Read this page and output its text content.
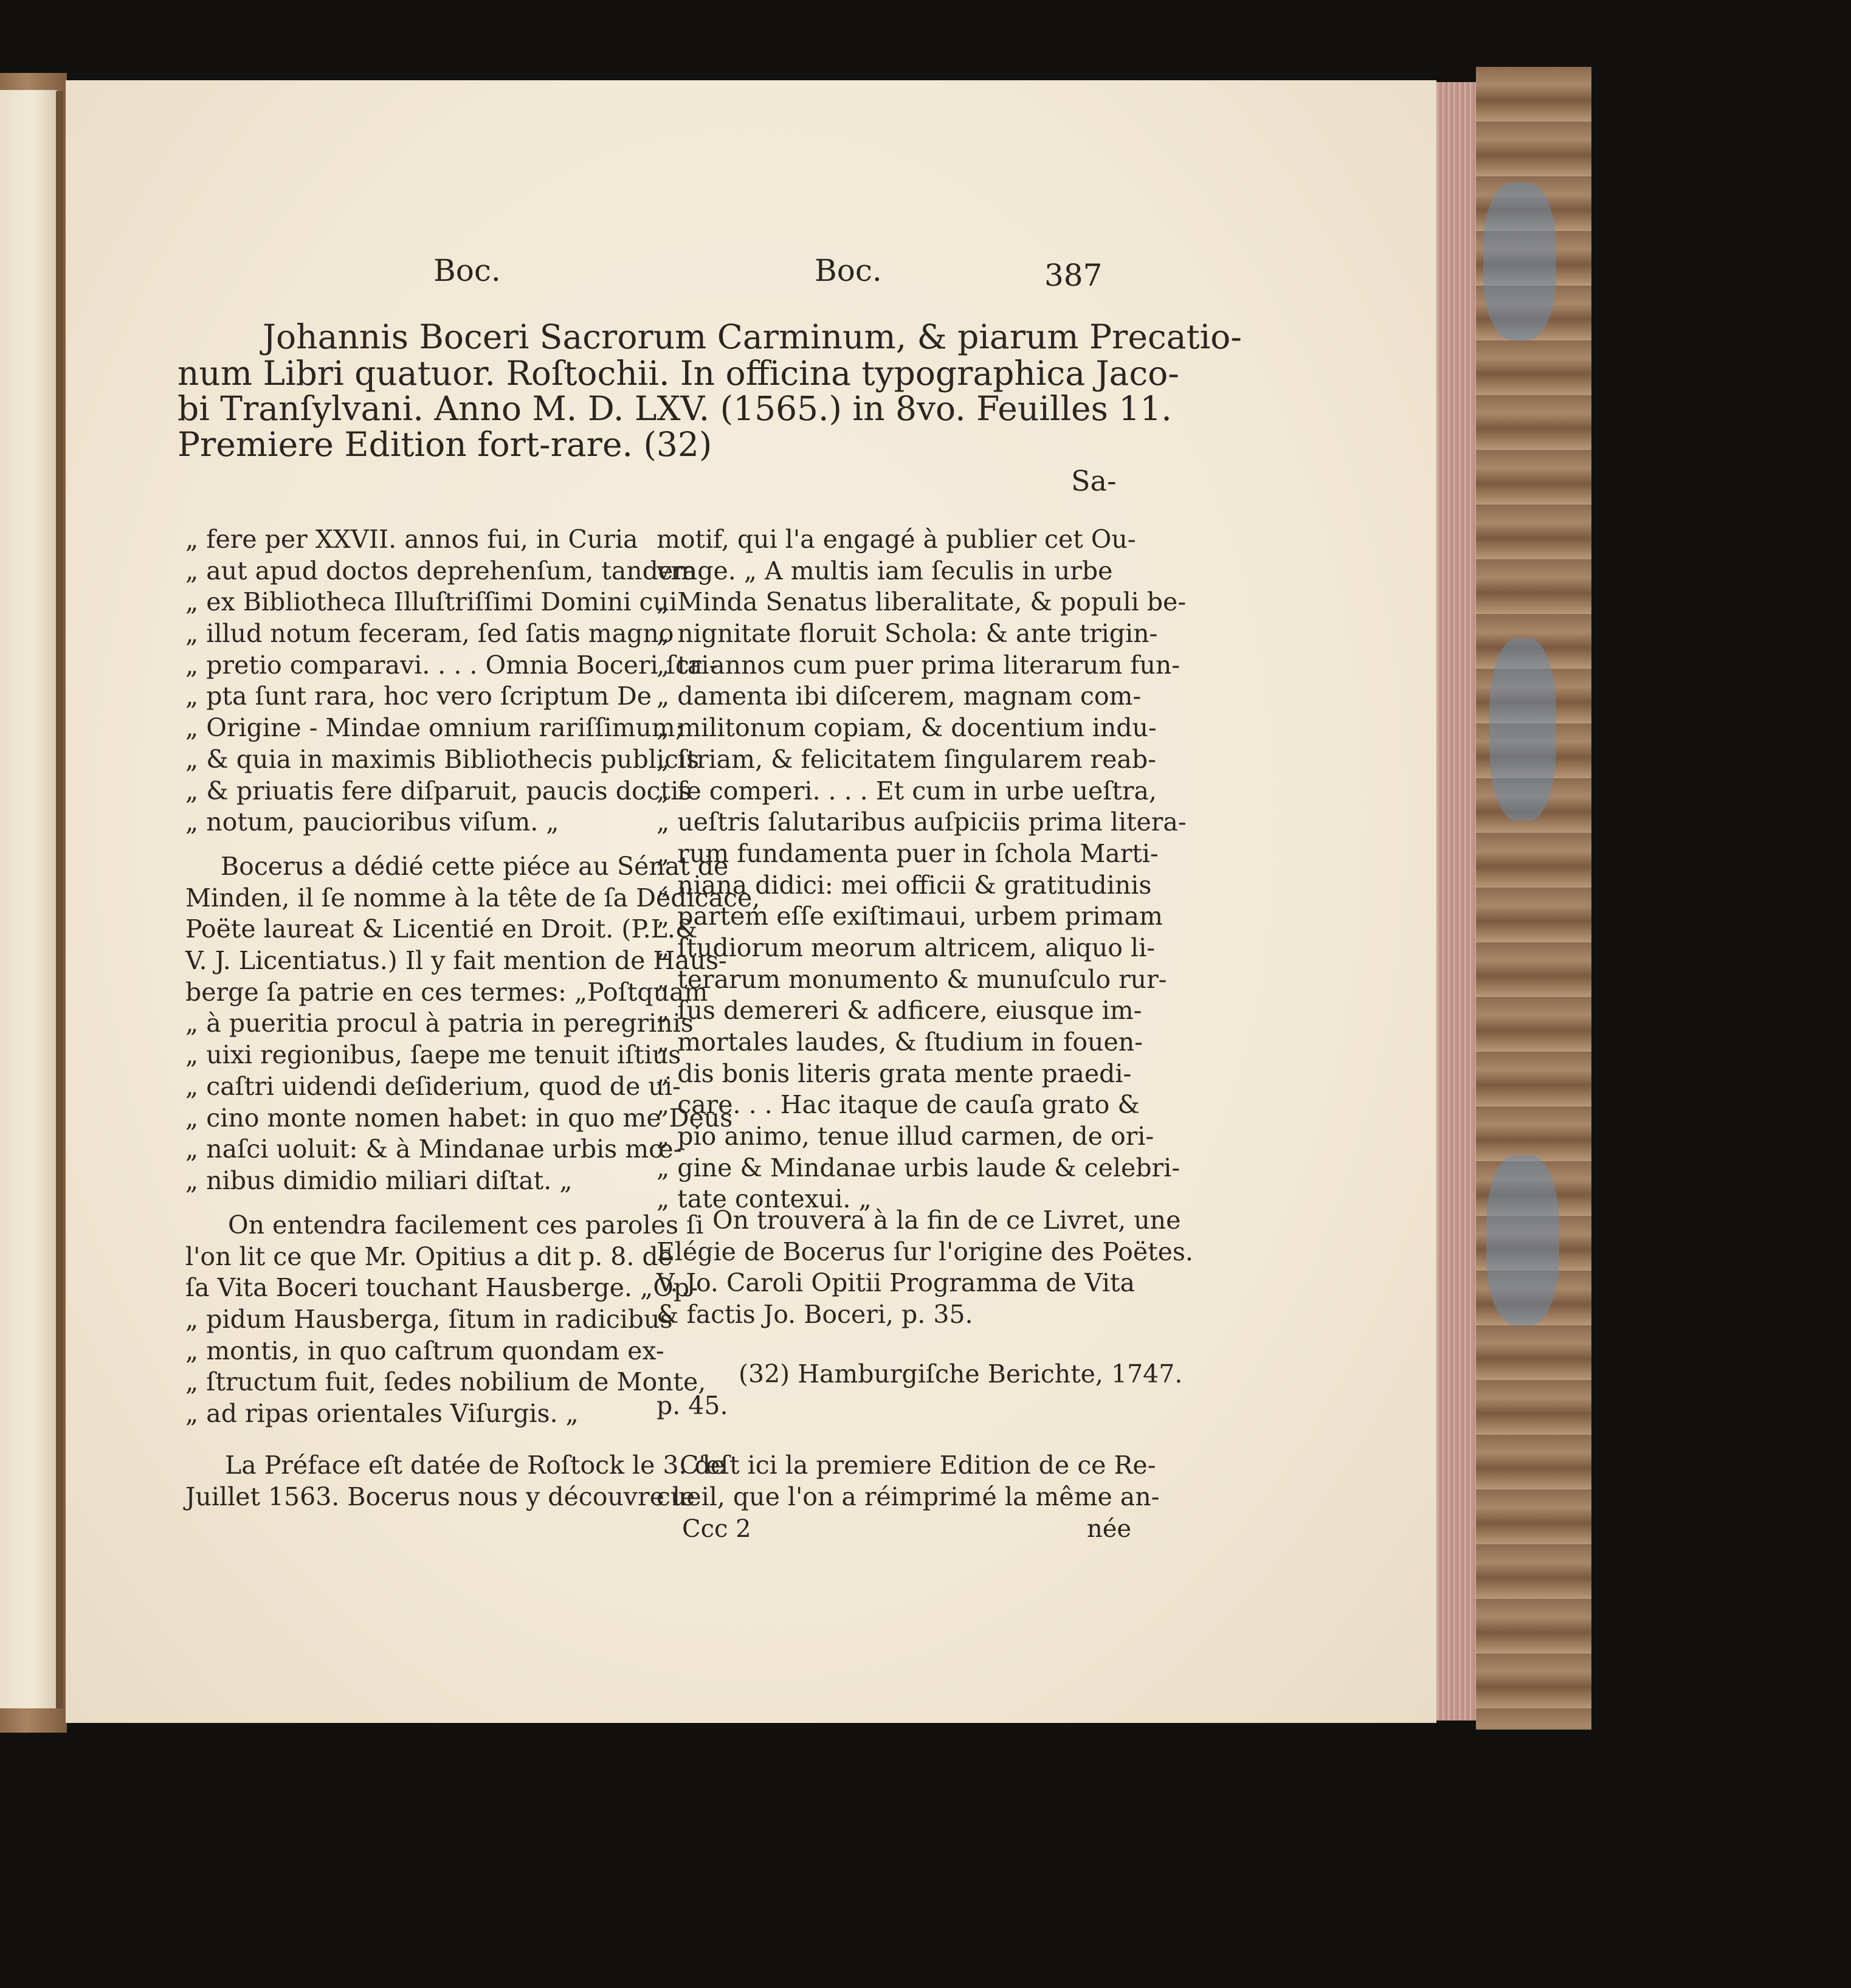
Boc.	Boc.	387
Johannis Boceri Sacrorum Carminum, & piarum Precatio-
num Libri quatuor. Roſtochii. In officina typographica Jaco-
bi Tranſylvani. Anno M. D. LXV. (1565.) in 8vo. Feuilles 11.
Premiere Edition fort-rare. (32)
Sa-
„ fere per XXVII. annos fui, in Curia
„ aut apud doctos deprehenſum, tandem
„ ex Bibliotheca Illuſtriſſimi Domini cui
„ illud notum feceram, ſed ſatis magno
„ pretio comparavi. . . . Omnia Boceri ſcri-
„ pta ſunt rara, hoc vero ſcriptum De
„ Origine - Mindae omnium rariſſimum;
„ & quia in maximis Bibliothecis publicis
„ & priuatis fere diſparuit, paucis doctis
„ notum, paucioribus viſum. „
Bocerus a dédié cette piéce au Sénat de
Minden, il ſe nomme à la tête de ſa Dédicace,
Poëte laureat & Licentié en Droit. (P.L.&
V. J. Licentiatus.) Il y fait mention de Haus-
berge ſa patrie en ces termes: „Poſtquam
„ à pueritia procul à patria in peregrinis
„ uixi regionibus, ſaepe me tenuit iſtius
„ caſtri uidendi deſiderium, quod de ui-
„ cino monte nomen habet: in quo me Deus
„ naſci uoluit: & à Mindanae urbis mœ-
„ nibus dimidio miliari diſtat. „
On entendra facilement ces paroles ſi
l'on lit ce que Mr. Opitius a dit p. 8. de
ſa Vita Boceri touchant Hausberge. „Op-
„ pidum Hausberga, ſitum in radicibus
„ montis, in quo caſtrum quondam ex-
„ ſtructum fuit, ſedes nobilium de Monte,
„ ad ripas orientales Viſurgis. „
La Préface eſt datée de Roſtock le 3. de
Juillet 1563. Bocerus nous y découvre le
motif, qui l'a engagé à publier cet Ou-
vrage. „ A multis iam ſeculis in urbe
„ Minda Senatus liberalitate, & populi be-
„ nignitate floruit Schola: & ante trigin-
„ ta annos cum puer prima literarum fun-
„ damenta ibi diſcerem, magnam com-
„ militonum copiam, & docentium indu-
„ ſtriam, & felicitatem ſingularem reab-
„ ſe comperi. . . . Et cum in urbe ueſtra,
„ ueſtris ſalutaribus auſpiciis prima litera-
„ rum fundamenta puer in ſchola Marti-
„ niana didici: mei officii & gratitudinis
„ partem eſſe exiſtimaui, urbem primam
„ ſtudiorum meorum altricem, aliquo li-
„ terarum monumento & munuſculo rur-
„ ſus demereri & adficere, eiusque im-
„ mortales laudes, & ſtudium in fouen-
„ dis bonis literis grata mente praedi-
„ care. . . Hac itaque de cauſa grato &
„ pio animo, tenue illud carmen, de ori-
„ gine & Mindanae urbis laude & celebri-
„ tate contexui. „
On trouvera à la fin de ce Livret, une
Elégie de Bocerus ſur l'origine des Poëtes.
V. Jo. Caroli Opitii Programma de Vita
& factis Jo. Boceri, p. 35.
(32) Hamburgiſche Berichte, 1747.
p. 45.
C'eſt ici la premiere Edition de ce Re-
cueil, que l'on a réimprimé la même an-
Ccc 2	née
